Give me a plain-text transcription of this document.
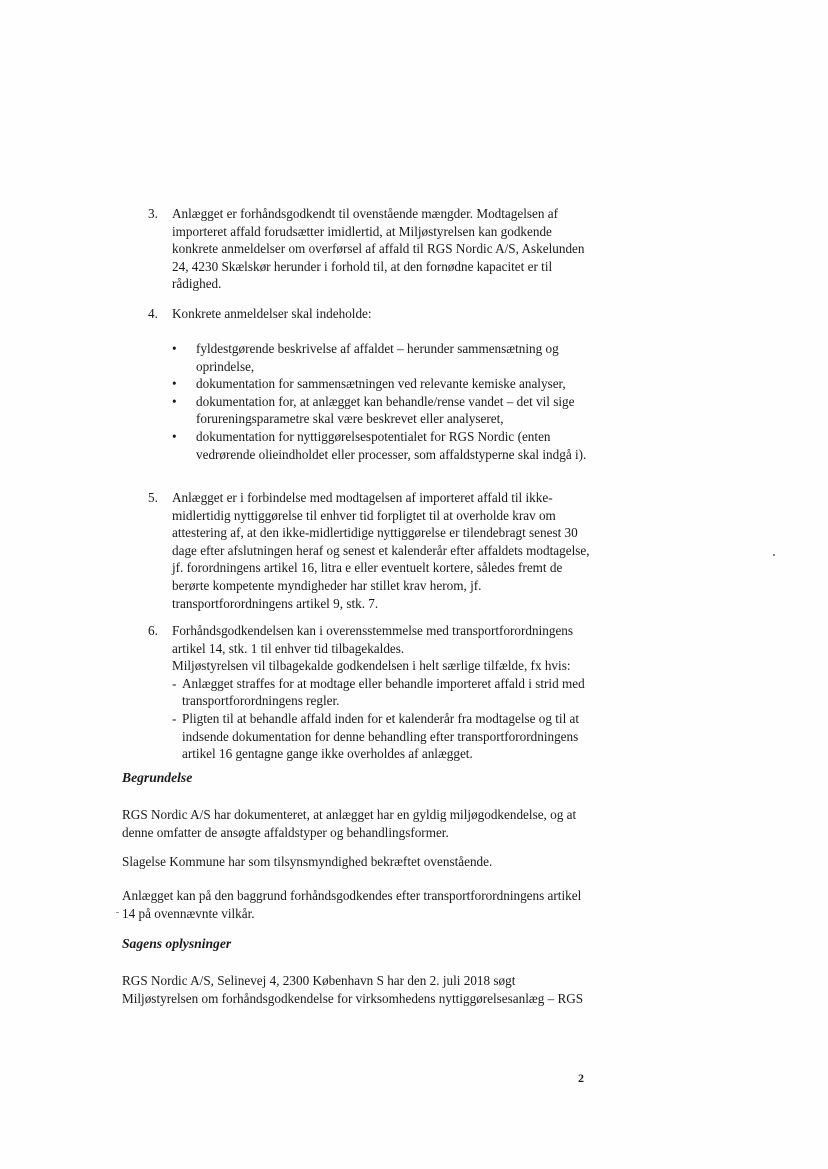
3.	Anlægget er forhåndsgodkendt til ovenstående mængder. Modtagelsen af importeret affald forudsætter imidlertid, at Miljøstyrelsen kan godkende konkrete anmeldelser om overførsel af affald til RGS Nordic A/S, Askelunden 24, 4230 Skælskør herunder i forhold til, at den fornødne kapacitet er til rådighed.
4.	Konkrete anmeldelser skal indeholde:
• fyldestgørende beskrivelse af affaldet – herunder sammensætning og oprindelse,
• dokumentation for sammensætningen ved relevante kemiske analyser,
• dokumentation for, at anlægget kan behandle/rense vandet – det vil sige forureningsparametre skal være beskrevet eller analyseret,
• dokumentation for nyttiggørelsespotentialet for RGS Nordic (enten vedrørende olieindholdet eller processer, som affaldstyperne skal indgå i).
5.	Anlægget er i forbindelse med modtagelsen af importeret affald til ikke-midlertidig nyttiggørelse til enhver tid forpligtet til at overholde krav om attestering af, at den ikke-midlertidige nyttiggørelse er tilendebragt senest 30 dage efter afslutningen heraf og senest et kalenderår efter affaldets modtagelse, jf. forordningens artikel 16, litra e eller eventuelt kortere, således fremt de berørte kompetente myndigheder har stillet krav herom, jf. transportforordningens artikel 9, stk. 7.
6.	Forhåndsgodkendelsen kan i overensstemmelse med transportforordningens artikel 14, stk. 1 til enhver tid tilbagekaldes.
Miljøstyrelsen vil tilbagekalde godkendelsen i helt særlige tilfælde, fx hvis:
- Anlægget straffes for at modtage eller behandle importeret affald i strid med transportforordningens regler.
- Pligten til at behandle affald inden for et kalenderår fra modtagelse og til at indsende dokumentation for denne behandling efter transportforordningens artikel 16 gentagne gange ikke overholdes af anlægget.
Begrundelse
RGS Nordic A/S har dokumenteret, at anlægget har en gyldig miljøgodkendelse, og at denne omfatter de ansøgte affaldstyper og behandlingsformer.
Slagelse Kommune har som tilsynsmyndighed bekræftet ovenstående.
Anlægget kan på den baggrund forhåndsgodkendes efter transportforordningens artikel 14 på ovennævnte vilkår.
Sagens oplysninger
RGS Nordic A/S, Selinevej 4, 2300 København S har den 2. juli 2018 søgt Miljøstyrelsen om forhåndsgodkendelse for virksomhedens nyttiggørelsesanlæg – RGS
2
